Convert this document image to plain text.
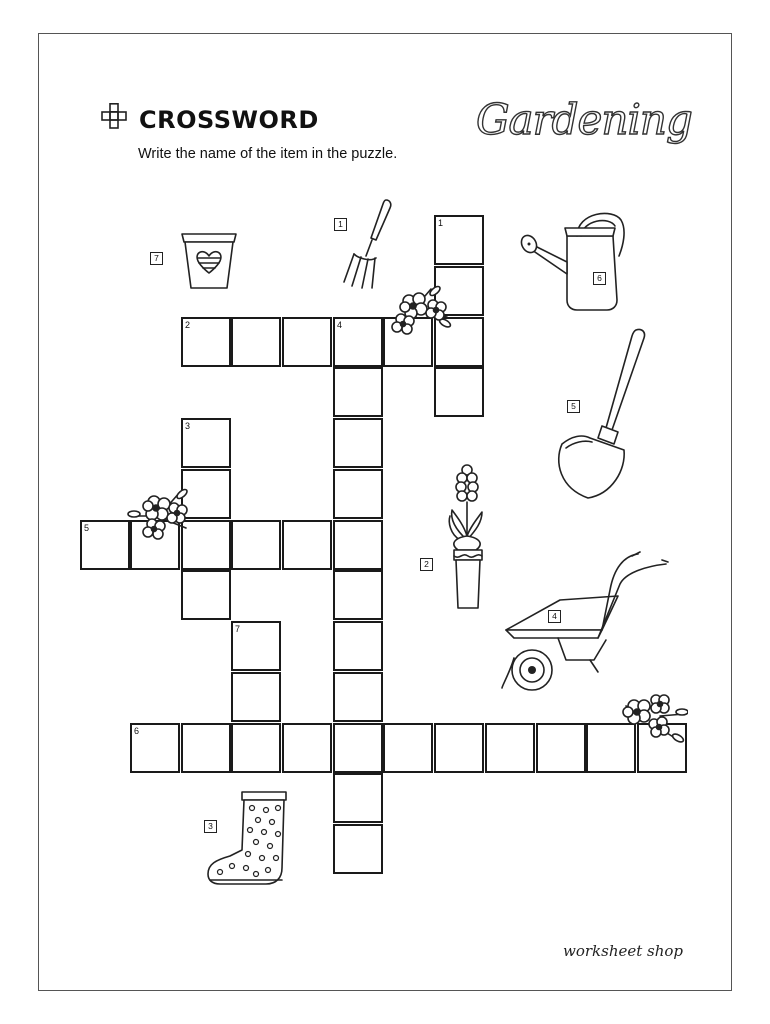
CROSSWORD
Write the name of the item in the puzzle.
Gardening
2	4
1
3
5
7
6
7
1
6
5
2
4
3
worksheet shop
